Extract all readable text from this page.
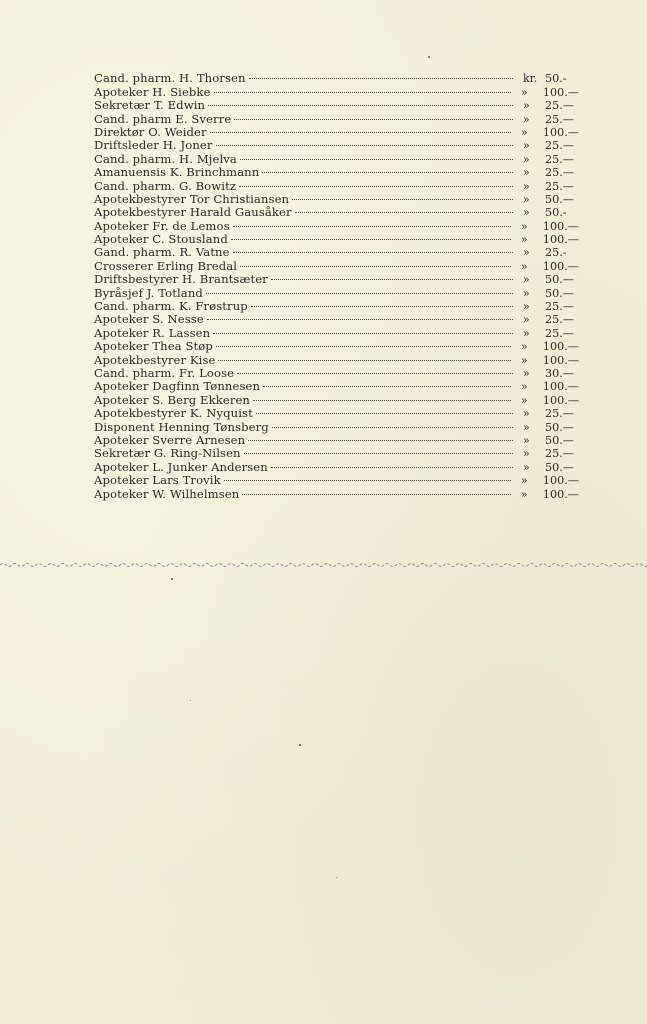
Cand. pharm. H. Thorsen	kr. 50.-
Apoteker H. Siebke	»	100.—
Sekretær T. Edwin	»	25.—
Cand. pharm E. Sverre	»	25.—
Direktør O. Weider	»	100.—
Driftsleder H. Joner	»	25.—
Cand. pharm. H. Mjelva	»	25.—
Amanuensis K. Brinchmann	»	25.—
Cand. pharm. G. Bowitz	»	25.—
Apotekbestyrer Tor Christiansen	»	50.—
Apotekbestyrer Harald Gausåker	»	50.-
Apoteker Fr. de Lemos	»	100.—
Apoteker C. Stousland	»	100.—
Gand. pharm. R. Vatne	»	25.-
Crosserer Erling Bredal	»	100.—
Driftsbestyrer H. Brantsæter	»	50.—
Byråsjef J. Totland	»	50.—
Cand. pharm. K. Frøstrup	»	25.—
Apoteker S. Nesse	»	25.—
Apoteker R. Lassen	»	25.—
Apoteker Thea Støp	»	100.—
Apotekbestyrer Kise	»	100.—
Cand. pharm. Fr. Loose	»	30.—
Apoteker Dagfinn Tønnesen	»	100.—
Apoteker S. Berg Ekkeren	»	100.—
Apotekbestyrer K. Nyquist	»	25.—
Disponent Henning Tønsberg	»	50.—
Apoteker Sverre Arnesen	»	50.—
Sekretær G. Ring-Nilsen	»	25.—
Apoteker L. Junker Andersen	»	50.—
Apoteker Lars Trovik	»	100.—
Apoteker W. Wilhelmsen	»	100.—
